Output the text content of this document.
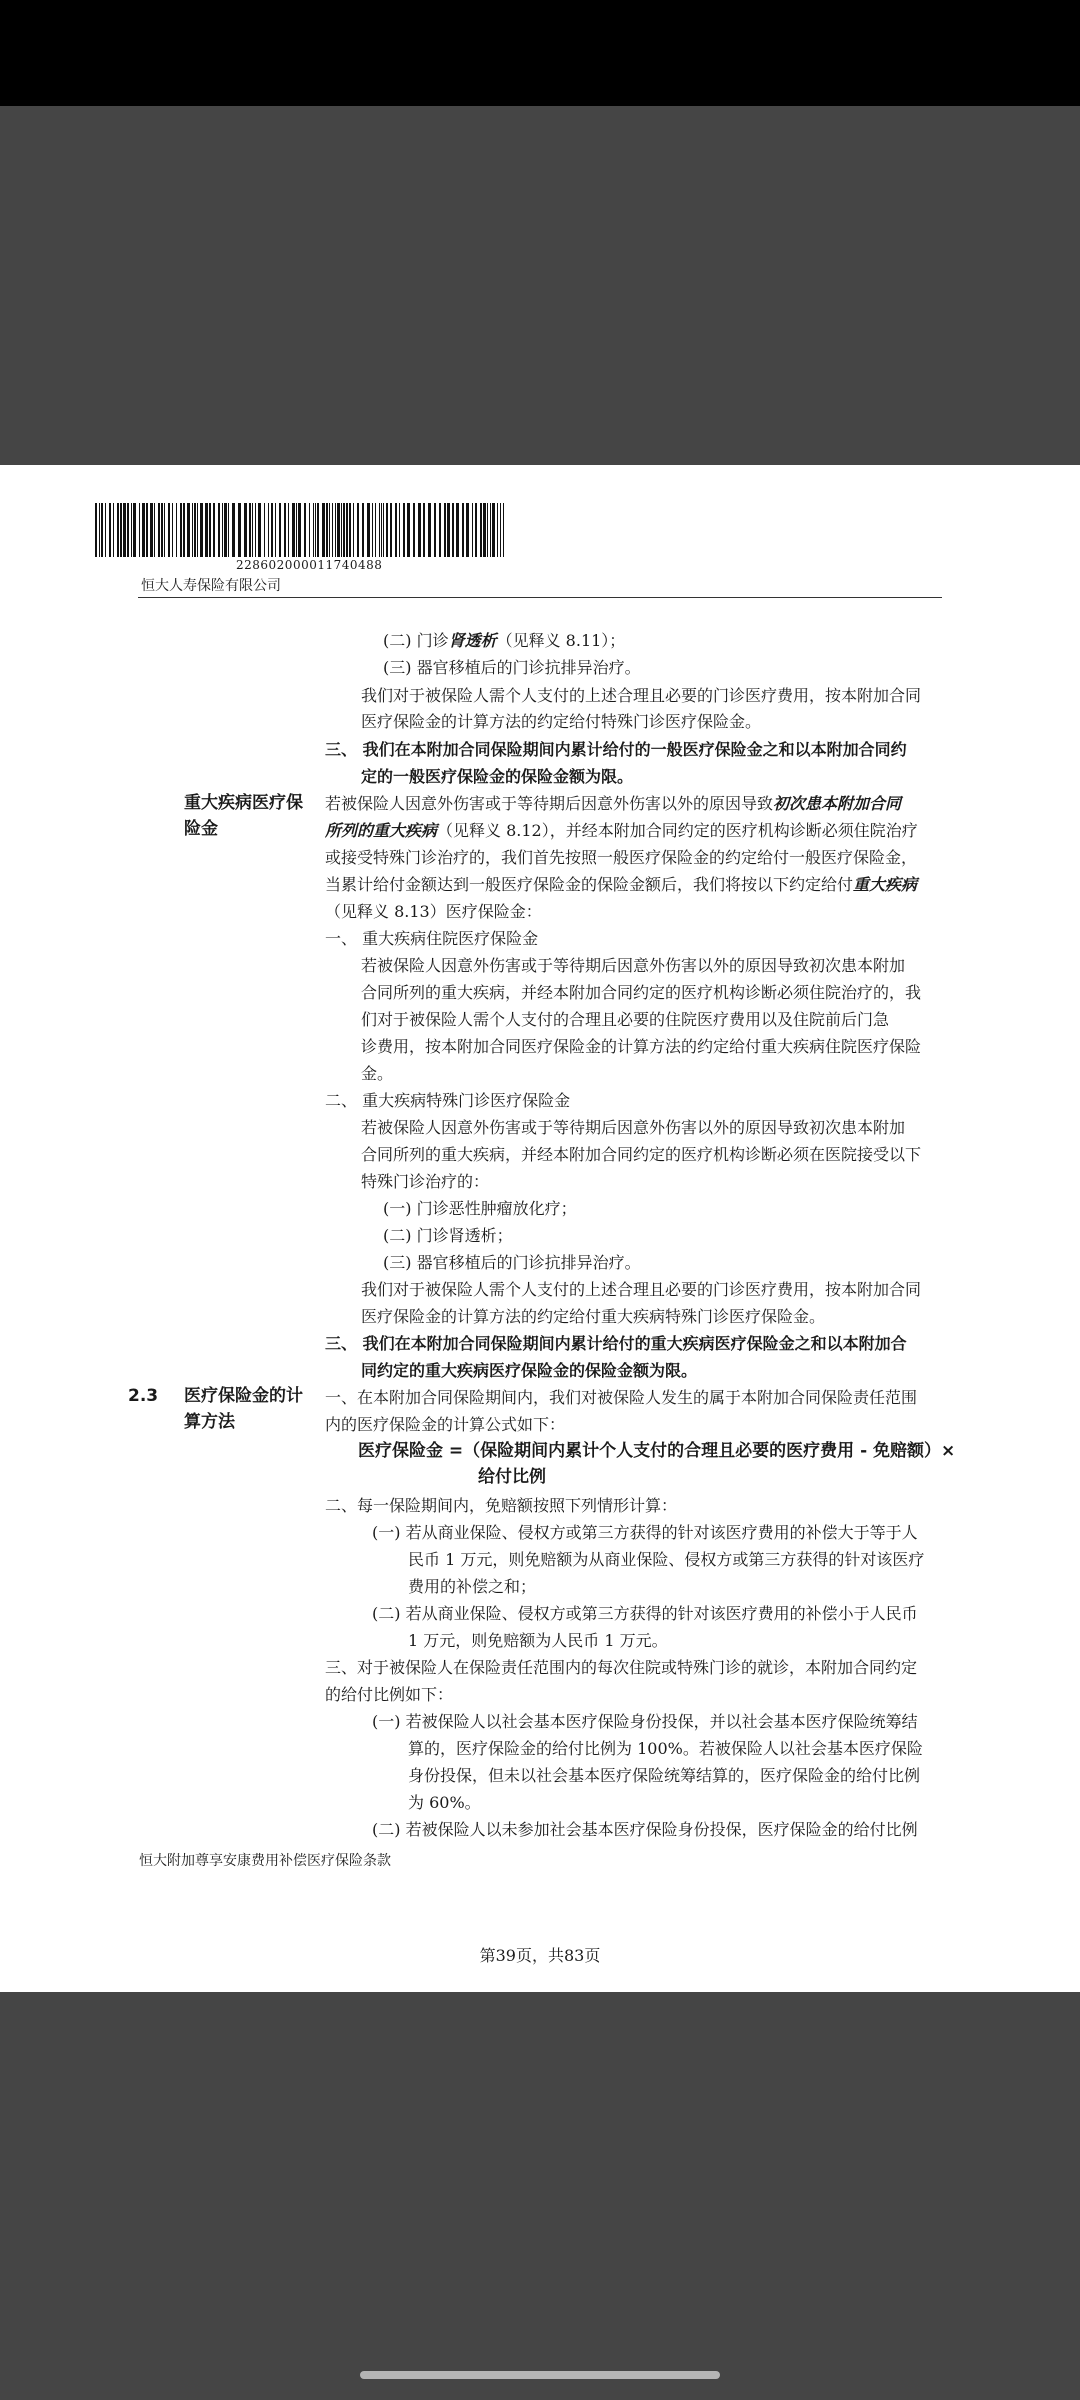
2286020000117404​88
恒大人寿保险有限公司
(二) 门诊肾透析（见释义 8.11）；
(三) 器官移植后的门诊抗排异治疗。
我们对于被保险人需个人支付的上述合理且必要的门诊医疗费用，按本附加合同
医疗保险金的计算方法的约定给付特殊门诊医疗保险金。
三、 我们在本附加合同保险期间内累计给付的一般医疗保险金之和以本附加合同约
定的一般医疗保险金的保险金额为限。
重大疾病医疗保
险金
若被保险人因意外伤害或于等待期后因意外伤害以外的原因导致初次患本附加合同
所列的重大疾病（见释义 8.12），并经本附加合同约定的医疗机构诊断必须住院治疗
或接受特殊门诊治疗的，我们首先按照一般医疗保险金的约定给付一般医疗保险金，
当累计给付金额达到一般医疗保险金的保险金额后，我们将按以下约定给付重大疾病
（见释义 8.13）医疗保险金：
一、 重大疾病住院医疗保险金
若被保险人因意外伤害或于等待期后因意外伤害以外的原因导致初次患本附加
合同所列的重大疾病，并经本附加合同约定的医疗机构诊断必须住院治疗的，我
们对于被保险人需个人支付的合理且必要的住院医疗费用以及住院前后门急
诊费用，按本附加合同医疗保险金的计算方法的约定给付重大疾病住院医疗保险
金。
二、 重大疾病特殊门诊医疗保险金
若被保险人因意外伤害或于等待期后因意外伤害以外的原因导致初次患本附加
合同所列的重大疾病，并经本附加合同约定的医疗机构诊断必须在医院接受以下
特殊门诊治疗的：
(一) 门诊恶性肿瘤放化疗；
(二) 门诊肾透析；
(三) 器官移植后的门诊抗排异治疗。
我们对于被保险人需个人支付的上述合理且必要的门诊医疗费用，按本附加合同
医疗保险金的计算方法的约定给付重大疾病特殊门诊医疗保险金。
三、 我们在本附加合同保险期间内累计给付的重大疾病医疗保险金之和以本附加合
同约定的重大疾病医疗保险金的保险金额为限。
2.3 医疗保险金的计
算方法
一、在本附加合同保险期间内，我们对被保险人发生的属于本附加合同保险责任范围
内的医疗保险金的计算公式如下：
医疗保险金 =（保险期间内累计个人支付的合理且必要的医疗费用 - 免赔额）×
给付比例
二、每一保险期间内，免赔额按照下列情形计算：
(一) 若从商业保险、侵权方或第三方获得的针对该医疗费用的补偿大于等于人
民币 1 万元，则免赔额为从商业保险、侵权方或第三方获得的针对该医疗
费用的补偿之和；
(二) 若从商业保险、侵权方或第三方获得的针对该医疗费用的补偿小于人民币
1 万元，则免赔额为人民币 1 万元。
三、对于被保险人在保险责任范围内的每次住院或特殊门诊的就诊，本附加合同约定
的给付比例如下：
(一) 若被保险人以社会基本医疗保险身份投保，并以社会基本医疗保险统筹结
算的，医疗保险金的给付比例为 100%。若被保险人以社会基本医疗保险
身份投保，但未以社会基本医疗保险统筹结算的，医疗保险金的给付比例
为 60%。
(二) 若被保险人以未参加社会基本医疗保险身份投保，医疗保险金的给付比例
恒大附加尊享安康费用补偿医疗保险条款
第39页，共83页
